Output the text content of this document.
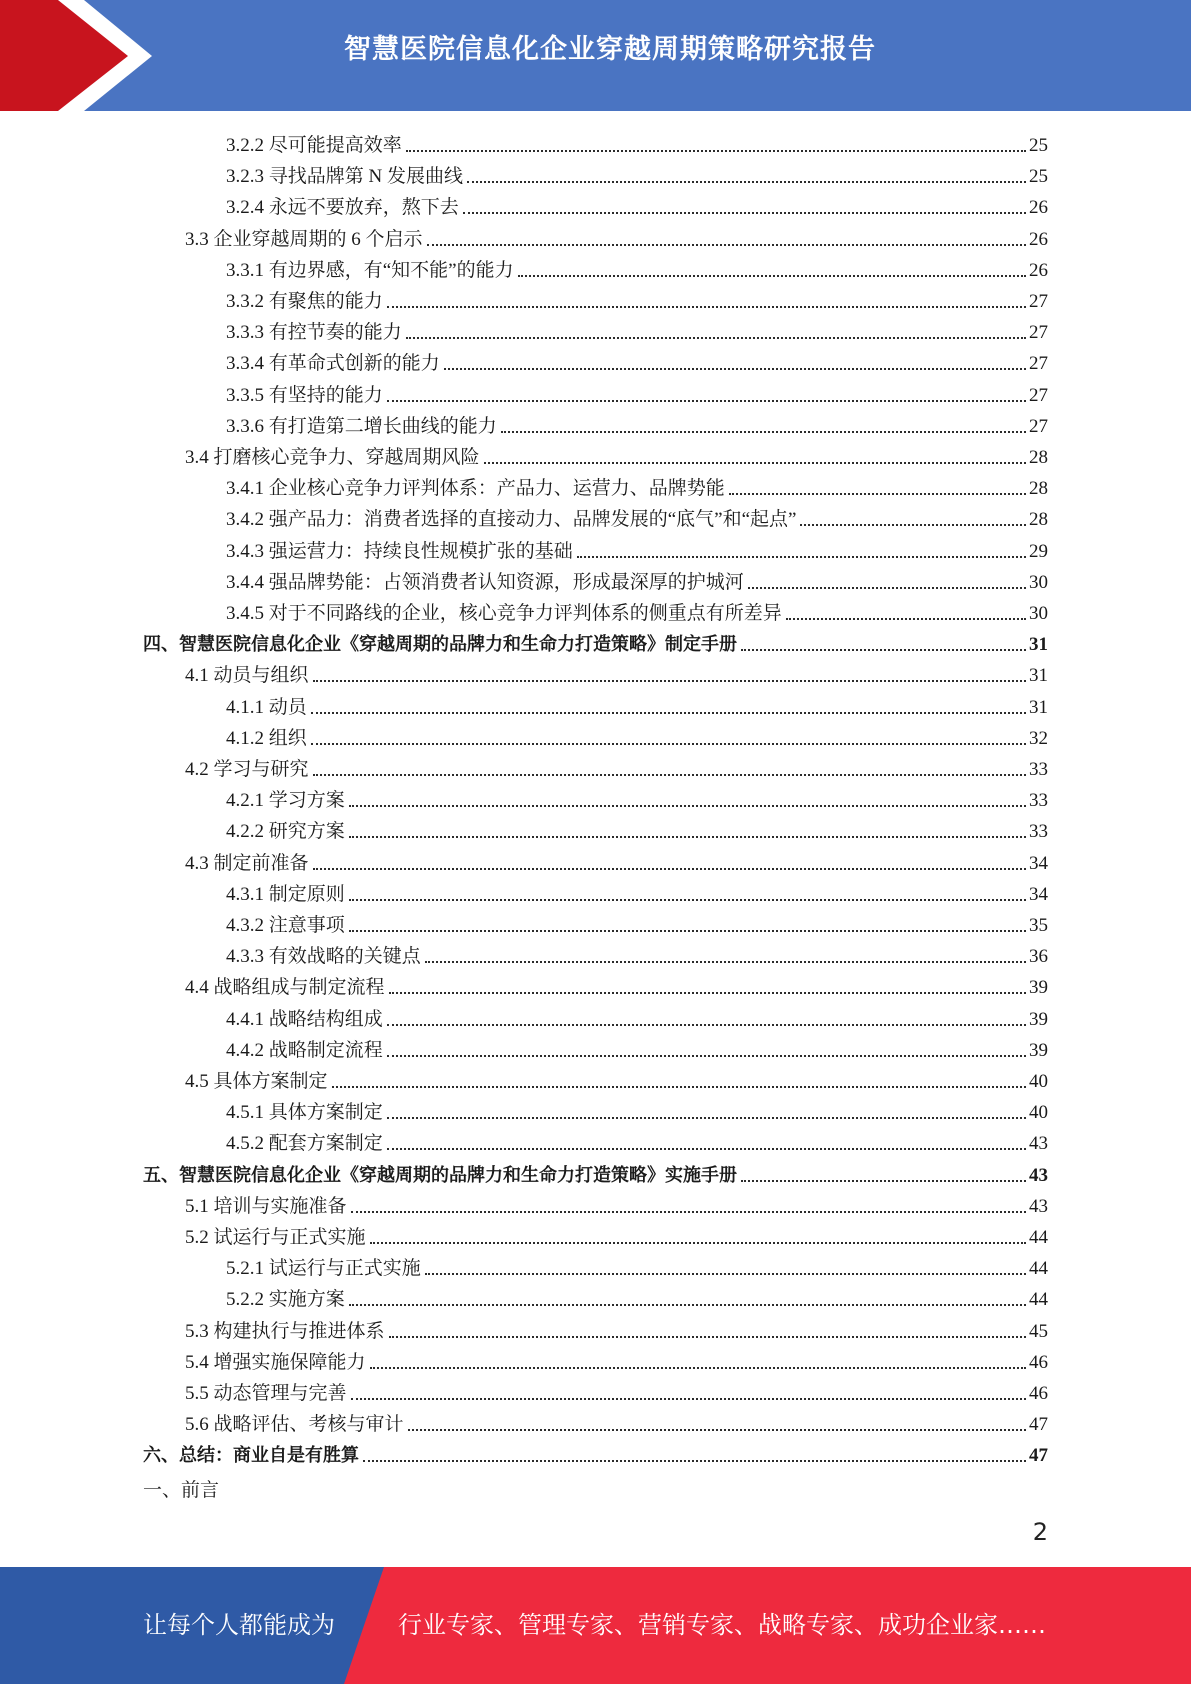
智慧医院信息化企业穿越周期策略研究报告
3.2.2 尽可能提高效率	25
3.2.3 寻找品牌第 N 发展曲线	25
3.2.4 永远不要放弃，熬下去	26
3.3 企业穿越周期的 6 个启示	26
3.3.1 有边界感，有“知不能”的能力	26
3.3.2 有聚焦的能力	27
3.3.3 有控节奏的能力	27
3.3.4 有革命式创新的能力	27
3.3.5 有坚持的能力	27
3.3.6 有打造第二增长曲线的能力	27
3.4 打磨核心竞争力、穿越周期风险	28
3.4.1 企业核心竞争力评判体系：产品力、运营力、品牌势能	28
3.4.2 强产品力：消费者选择的直接动力、品牌发展的“底气”和“起点”	28
3.4.3 强运营力：持续良性规模扩张的基础	29
3.4.4 强品牌势能：占领消费者认知资源，形成最深厚的护城河	30
3.4.5 对于不同路线的企业，核心竞争力评判体系的侧重点有所差异	30
四、智慧医院信息化企业《穿越周期的品牌力和生命力打造策略》制定手册	31
4.1 动员与组织	31
4.1.1 动员	31
4.1.2 组织	32
4.2 学习与研究	33
4.2.1 学习方案	33
4.2.2 研究方案	33
4.3 制定前准备	34
4.3.1 制定原则	34
4.3.2 注意事项	35
4.3.3 有效战略的关键点	36
4.4 战略组成与制定流程	39
4.4.1 战略结构组成	39
4.4.2 战略制定流程	39
4.5 具体方案制定	40
4.5.1 具体方案制定	40
4.5.2 配套方案制定	43
五、智慧医院信息化企业《穿越周期的品牌力和生命力打造策略》实施手册	43
5.1 培训与实施准备	43
5.2 试运行与正式实施	44
5.2.1 试运行与正式实施	44
5.2.2 实施方案	44
5.3 构建执行与推进体系	45
5.4 增强实施保障能力	46
5.5 动态管理与完善	46
5.6 战略评估、考核与审计	47
六、总结：商业自是有胜算	47
一、前言
2
让每个人都能成为	行业专家、管理专家、营销专家、战略专家、成功企业家……
